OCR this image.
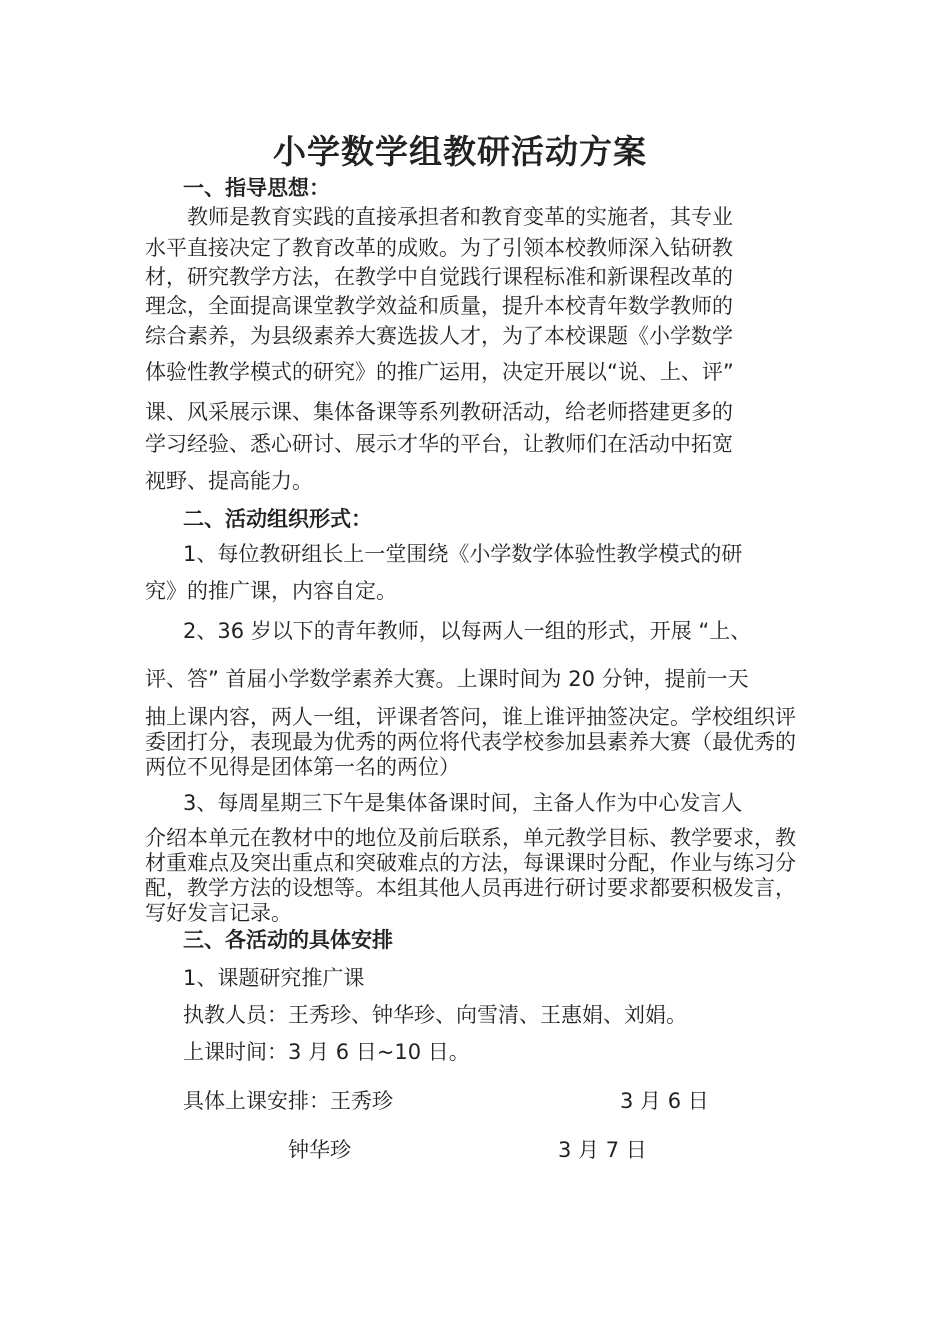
小学数学组教研活动方案
一、指导思想：
教师是教育实践的直接承担者和教育变革的实施者，其专业
水平直接决定了教育改革的成败。为了引领本校教师深入钻研教
材，研究教学方法，在教学中自觉践行课程标准和新课程改革的
理念，全面提高课堂教学效益和质量，提升本校青年数学教师的
综合素养，为县级素养大赛选拔人才，为了本校课题《小学数学
体验性教学模式的研究》的推广运用，决定开展以“说、上、评”
课、风采展示课、集体备课等系列教研活动，给老师搭建更多的
学习经验、悉心研讨、展示才华的平台，让教师们在活动中拓宽
视野、提高能力。
二、活动组织形式：
1、每位教研组长上一堂围绕《小学数学体验性教学模式的研
究》的推广课，内容自定。
2、36 岁以下的青年教师，以每两人一组的形式，开展 “上、
评、答” 首届小学数学素养大赛。上课时间为 20 分钟，提前一天
抽上课内容，两人一组，评课者答问，谁上谁评抽签决定。学校组织评委团打分，表现最为优秀的两位将代表学校参加县素养大赛（最优秀的两位不见得是团体第一名的两位）
3、每周星期三下午是集体备课时间，主备人作为中心发言人
介绍本单元在教材中的地位及前后联系，单元教学目标、教学要求，教材重难点及突出重点和突破难点的方法，每课课时分配，作业与练习分配，教学方法的设想等。本组其他人员再进行研讨要求都要积极发言，写好发言记录。
三、各活动的具体安排
1、课题研究推广课
执教人员：王秀珍、钟华珍、向雪清、王惠娟、刘娟。
上课时间：3 月 6 日~10 日。
具体上课安排：王秀珍	3 月 6 日
钟华珍	3 月 7 日
